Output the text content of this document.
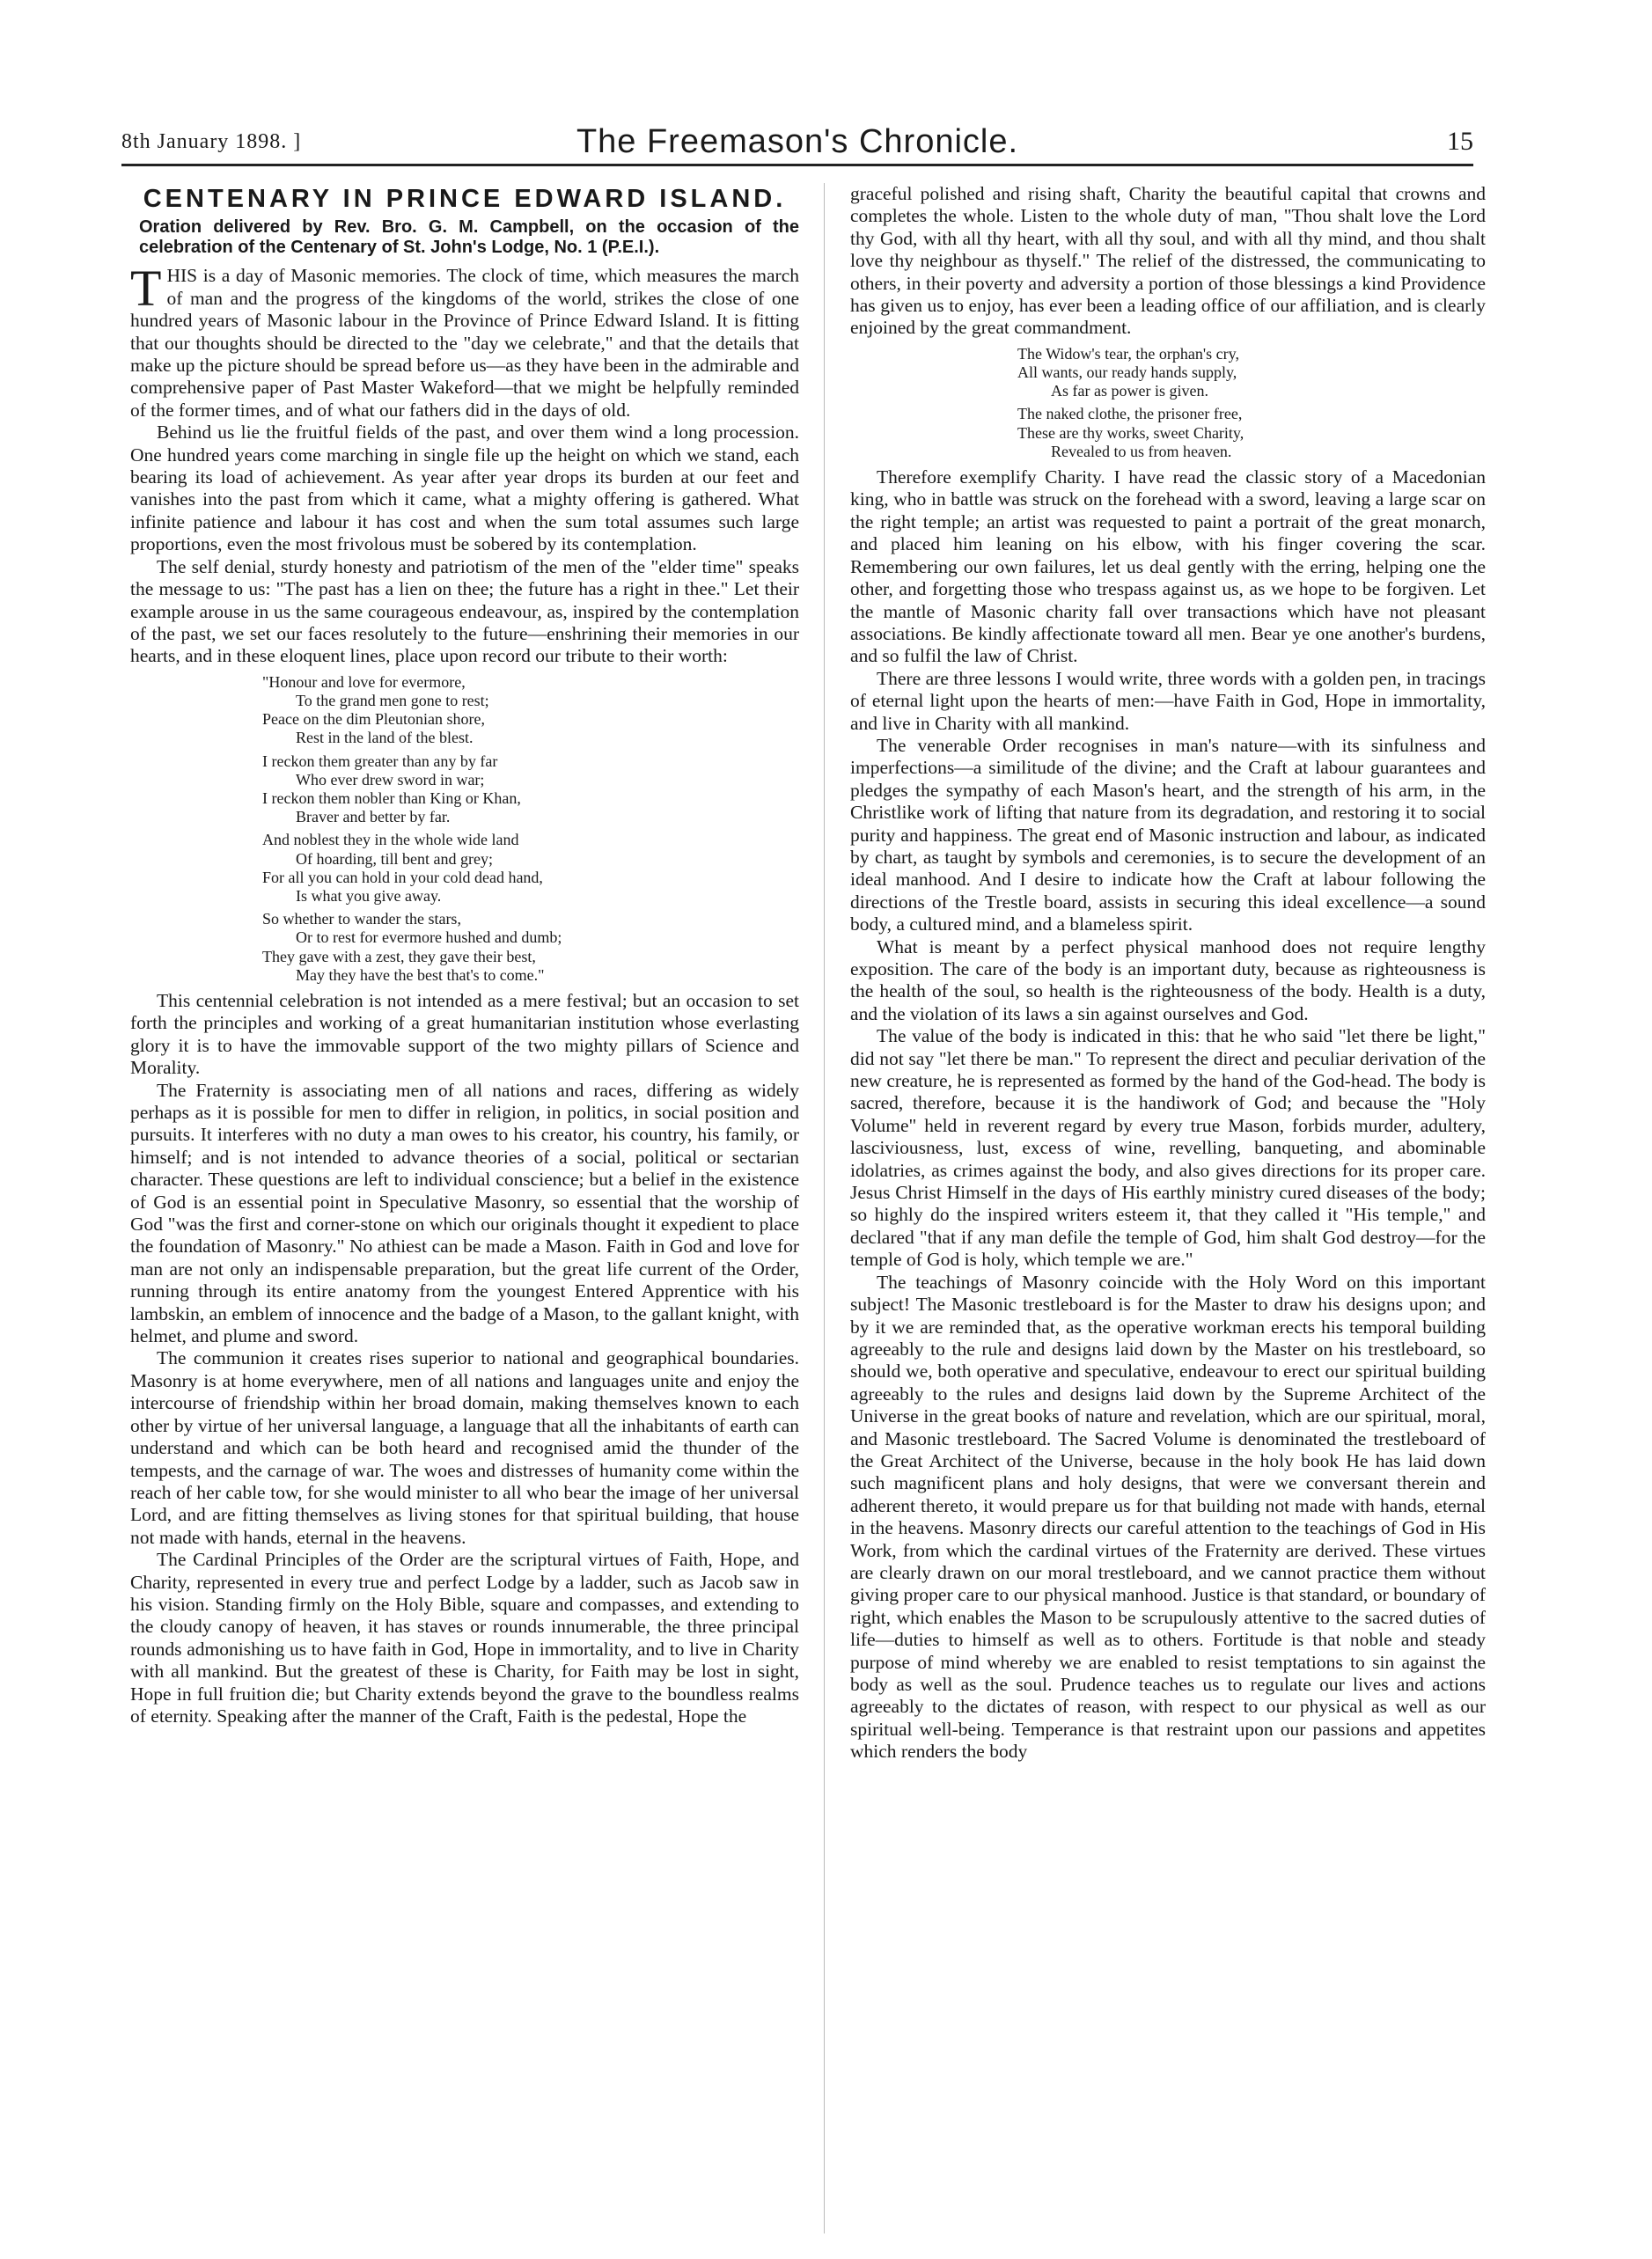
8th January 1898. ]	The Freemason's Chronicle.	15
CENTENARY IN PRINCE EDWARD ISLAND.
Oration delivered by Rev. Bro. G. M. Campbell, on the occasion of the celebration of the Centenary of St. John's Lodge, No. 1 (P.E.I.).

THIS is a day of Masonic memories. The clock of time, which measures the march of man and the progress of the kingdoms of the world, strikes the close of one hundred years of Masonic labour in the Province of Prince Edward Island. It is fitting that our thoughts should be directed to the "day we celebrate," and that the details that make up the picture should be spread before us—as they have been in the admirable and comprehensive paper of Past Master Wakeford—that we might be helpfully reminded of the former times, and of what our fathers did in the days of old.

Behind us lie the fruitful fields of the past, and over them wind a long procession. One hundred years come marching in single file up the height on which we stand, each bearing its load of achievement. As year after year drops its burden at our feet and vanishes into the past from which it came, what a mighty offering is gathered. What infinite patience and labour it has cost and when the sum total assumes such large proportions, even the most frivolous must be sobered by its contemplation.

The self denial, sturdy honesty and patriotism of the men of the "elder time" speaks the message to us: "The past has a lien on thee; the future has a right in thee." Let their example arouse in us the same courageous endeavour, as, inspired by the contemplation of the past, we set our faces resolutely to the future—enshrining their memories in our hearts, and in these eloquent lines, place upon record our tribute to their worth:

"Honour and love for evermore,
To the grand men gone to rest;
Peace on the dim Pleutonian shore,
Rest in the land of the blest.
I reckon them greater than any by far
Who ever drew sword in war;
I reckon them nobler than King or Khan,
Braver and better by far.
And noblest they in the whole wide land
Of hoarding, till bent and grey;
For all you can hold in your cold dead hand,
Is what you give away.
So whether to wander the stars,
Or to rest for evermore hushed and dumb;
They gave with a zest, they gave their best,
May they have the best that's to come."

This centennial celebration is not intended as a mere festival; but an occasion to set forth the principles and working of a great humanitarian institution whose everlasting glory it is to have the immovable support of the two mighty pillars of Science and Morality.

The Fraternity is associating men of all nations and races, differing as widely perhaps as it is possible for men to differ in religion, in politics, in social position and pursuits. It interferes with no duty a man owes to his creator, his country, his family, or himself; and is not intended to advance theories of a social, political or sectarian character. These questions are left to individual conscience; but a belief in the existence of God is an essential point in Speculative Masonry, so essential that the worship of God "was the first and corner-stone on which our originals thought it expedient to place the foundation of Masonry." No athiest can be made a Mason. Faith in God and love for man are not only an indispensable preparation, but the great life current of the Order, running through its entire anatomy from the youngest Entered Apprentice with his lambskin, an emblem of innocence and the badge of a Mason, to the gallant knight, with helmet, and plume and sword.

The communion it creates rises superior to national and geographical boundaries. Masonry is at home everywhere, men of all nations and languages unite and enjoy the intercourse of friendship within her broad domain, making themselves known to each other by virtue of her universal language, a language that all the inhabitants of earth can understand and which can be both heard and recognised amid the thunder of the tempests, and the carnage of war. The woes and distresses of humanity come within the reach of her cable tow, for she would minister to all who bear the image of her universal Lord, and are fitting themselves as living stones for that spiritual building, that house not made with hands, eternal in the heavens.

The Cardinal Principles of the Order are the scriptural virtues of Faith, Hope, and Charity, represented in every true and perfect Lodge by a ladder, such as Jacob saw in his vision. Standing firmly on the Holy Bible, square and compasses, and extending to the cloudy canopy of heaven, it has staves or rounds innumerable, the three principal rounds admonishing us to have faith in God, Hope in immortality, and to live in Charity with all mankind. But the greatest of these is Charity, for Faith may be lost in sight, Hope in full fruition die; but Charity extends beyond the grave to the boundless realms of eternity. Speaking after the manner of the Craft, Faith is the pedestal, Hope the

graceful polished and rising shaft, Charity the beautiful capital that crowns and completes the whole. Listen to the whole duty of man, "Thou shalt love the Lord thy God, with all thy heart, with all thy soul, and with all thy mind, and thou shalt love thy neighbour as thyself." The relief of the distressed, the communicating to others, in their poverty and adversity a portion of those blessings a kind Providence has given us to enjoy, has ever been a leading office of our affiliation, and is clearly enjoined by the great commandment.

The Widow's tear, the orphan's cry,
All wants, our ready hands supply,
As far as power is given.
The naked clothe, the prisoner free,
These are thy works, sweet Charity,
Revealed to us from heaven.

Therefore exemplify Charity. I have read the classic story of a Macedonian king, who in battle was struck on the forehead with a sword, leaving a large scar on the right temple; an artist was requested to paint a portrait of the great monarch, and placed him leaning on his elbow, with his finger covering the scar. Remembering our own failures, let us deal gently with the erring, helping one the other, and forgetting those who trespass against us, as we hope to be forgiven. Let the mantle of Masonic charity fall over transactions which have not pleasant associations. Be kindly affectionate toward all men. Bear ye one another's burdens, and so fulfil the law of Christ.

There are three lessons I would write, three words with a golden pen, in tracings of eternal light upon the hearts of men:—have Faith in God, Hope in immortality, and live in Charity with all mankind.

The venerable Order recognises in man's nature—with its sinfulness and imperfections—a similitude of the divine; and the Craft at labour guarantees and pledges the sympathy of each Mason's heart, and the strength of his arm, in the Christlike work of lifting that nature from its degradation, and restoring it to social purity and happiness. The great end of Masonic instruction and labour, as indicated by chart, as taught by symbols and ceremonies, is to secure the development of an ideal manhood. And I desire to indicate how the Craft at labour following the directions of the Trestle board, assists in securing this ideal excellence—a sound body, a cultured mind, and a blameless spirit.

What is meant by a perfect physical manhood does not require lengthy exposition. The care of the body is an important duty, because as righteousness is the health of the soul, so health is the righteousness of the body. Health is a duty, and the violation of its laws a sin against ourselves and God.

The value of the body is indicated in this: that he who said "let there be light," did not say "let there be man." To represent the direct and peculiar derivation of the new creature, he is represented as formed by the hand of the God-head. The body is sacred, therefore, because it is the handiwork of God; and because the "Holy Volume" held in reverent regard by every true Mason, forbids murder, adultery, lasciviousness, lust, excess of wine, revelling, banqueting, and abominable idolatries, as crimes against the body, and also gives directions for its proper care. Jesus Christ Himself in the days of His earthly ministry cured diseases of the body; so highly do the inspired writers esteem it, that they called it "His temple," and declared "that if any man defile the temple of God, him shalt God destroy—for the temple of God is holy, which temple we are."

The teachings of Masonry coincide with the Holy Word on this important subject! The Masonic trestleboard is for the Master to draw his designs upon; and by it we are reminded that, as the operative workman erects his temporal building agreeably to the rule and designs laid down by the Master on his trestleboard, so should we, both operative and speculative, endeavour to erect our spiritual building agreeably to the rules and designs laid down by the Supreme Architect of the Universe in the great books of nature and revelation, which are our spiritual, moral, and Masonic trestleboard. The Sacred Volume is denominated the trestleboard of the Great Architect of the Universe, because in the holy book He has laid down such magnificent plans and holy designs, that were we conversant therein and adherent thereto, it would prepare us for that building not made with hands, eternal in the heavens. Masonry directs our careful attention to the teachings of God in His Work, from which the cardinal virtues of the Fraternity are derived. These virtues are clearly drawn on our moral trestleboard, and we cannot practice them without giving proper care to our physical manhood. Justice is that standard, or boundary of right, which enables the Mason to be scrupulously attentive to the sacred duties of life—duties to himself as well as to others. Fortitude is that noble and steady purpose of mind whereby we are enabled to resist temptations to sin against the body as well as the soul. Prudence teaches us to regulate our lives and actions agreeably to the dictates of reason, with respect to our physical as well as our spiritual well-being. Temperance is that restraint upon our passions and appetites which renders the body
